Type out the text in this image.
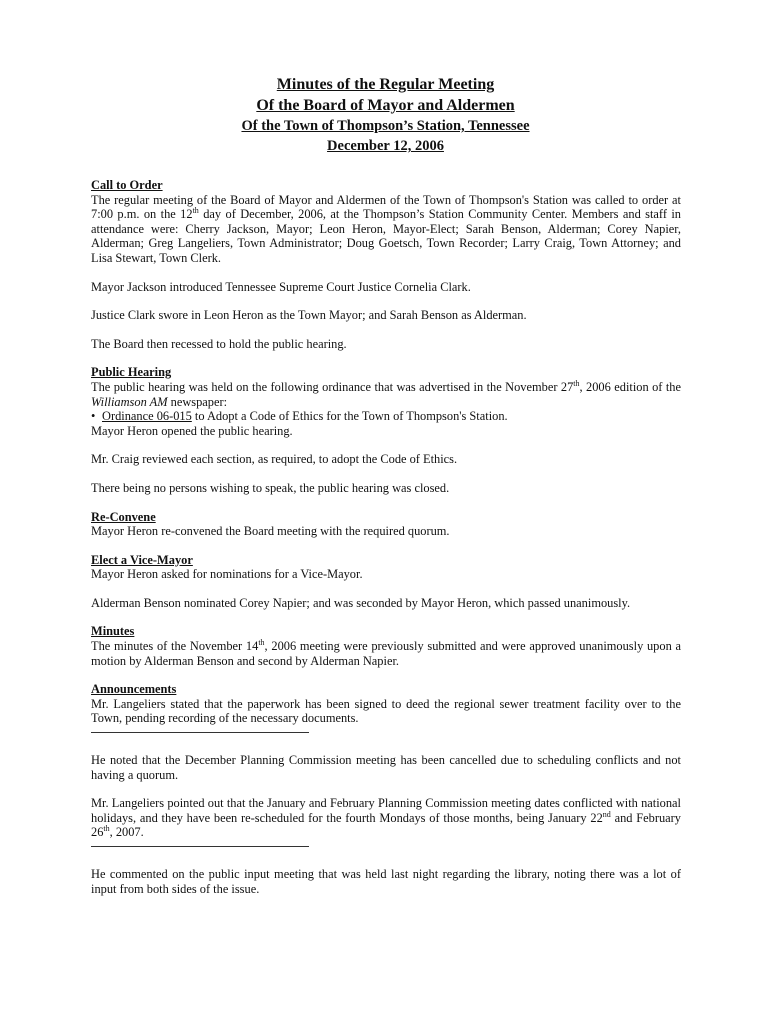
Minutes of the Regular Meeting
Of the Board of Mayor and Aldermen
Of the Town of Thompson’s Station, Tennessee
December 12, 2006
Call to Order

The regular meeting of the Board of Mayor and Aldermen of the Town of Thompson's Station was called to order at 7:00 p.m. on the 12th day of December, 2006, at the Thompson’s Station Community Center. Members and staff in attendance were: Cherry Jackson, Mayor; Leon Heron, Mayor-Elect; Sarah Benson, Alderman; Corey Napier, Alderman; Greg Langeliers, Town Administrator; Doug Goetsch, Town Recorder; Larry Craig, Town Attorney; and Lisa Stewart, Town Clerk.

Mayor Jackson introduced Tennessee Supreme Court Justice Cornelia Clark.

Justice Clark swore in Leon Heron as the Town Mayor; and Sarah Benson as Alderman.

The Board then recessed to hold the public hearing.

Public Hearing

The public hearing was held on the following ordinance that was advertised in the November 27th, 2006 edition of the Williamson AM newspaper:

• Ordinance 06-015 to Adopt a Code of Ethics for the Town of Thompson's Station.

Mayor Heron opened the public hearing.

Mr. Craig reviewed each section, as required, to adopt the Code of Ethics.

There being no persons wishing to speak, the public hearing was closed.

Re-Convene

Mayor Heron re-convened the Board meeting with the required quorum.

Elect a Vice-Mayor

Mayor Heron asked for nominations for a Vice-Mayor.

Alderman Benson nominated Corey Napier; and was seconded by Mayor Heron, which passed unanimously.

Minutes

The minutes of the November 14th, 2006 meeting were previously submitted and were approved unanimously upon a motion by Alderman Benson and second by Alderman Napier.

Announcements

Mr. Langeliers stated that the paperwork has been signed to deed the regional sewer treatment facility over to the Town, pending recording of the necessary documents.

He noted that the December Planning Commission meeting has been cancelled due to scheduling conflicts and not having a quorum.

Mr. Langeliers pointed out that the January and February Planning Commission meeting dates conflicted with national holidays, and they have been re-scheduled for the fourth Mondays of those months, being January 22nd and February 26th, 2007.

He commented on the public input meeting that was held last night regarding the library, noting there was a lot of input from both sides of the issue.
